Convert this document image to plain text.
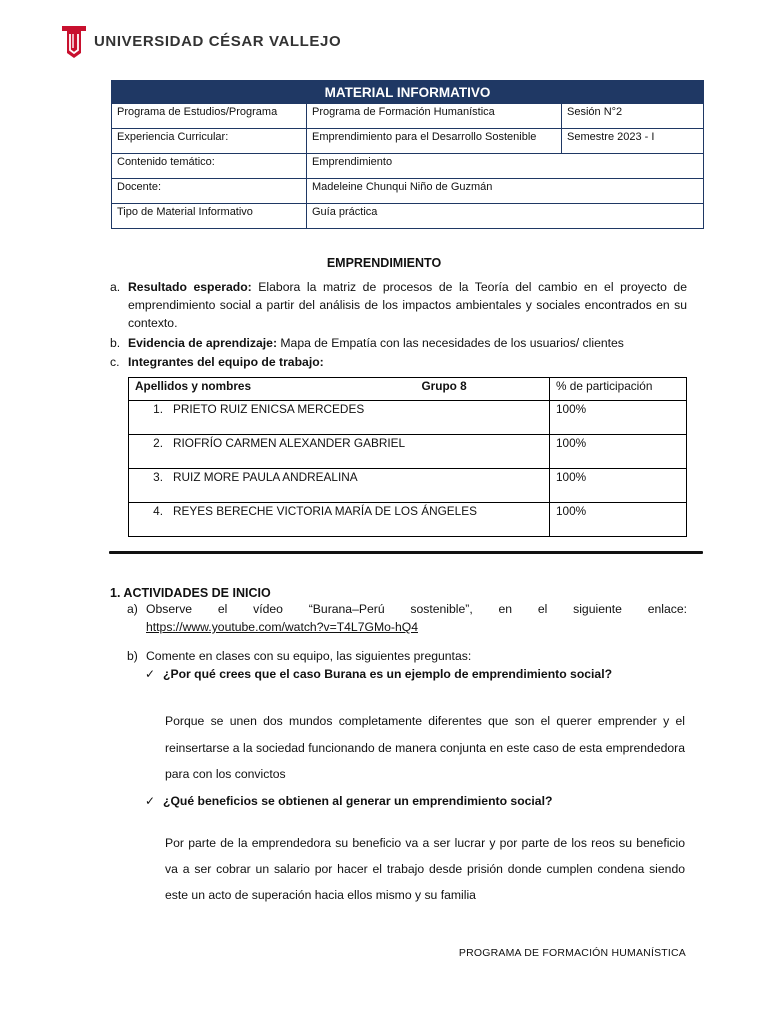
UNIVERSIDAD CÉSAR VALLEJO
MATERIAL INFORMATIVO		
Programa de Estudios/Programa	Programa de Formación Humanística	Sesión N°2
Experiencia Curricular:	Emprendimiento para el Desarrollo Sostenible	Semestre 2023 - I
Contenido temático:	Emprendimiento	
Docente:	Madeleine Chunqui Niño de Guzmán	
Tipo de Material Informativo	Guía práctica	
EMPRENDIMIENTO
a. Resultado esperado: Elabora la matriz de procesos de la Teoría del cambio en el proyecto de emprendimiento social a partir del análisis de los impactos ambientales y sociales encontrados en su contexto.
b. Evidencia de aprendizaje: Mapa de Empatía con las necesidades de los usuarios/ clientes
c. Integrantes del equipo de trabajo:
Apellidos y nombres Grupo 8	% de participación
1. PRIETO RUIZ ENICSA MERCEDES	100%
2. RIOFRÍO CARMEN ALEXANDER GABRIEL	100%
3. RUIZ MORE PAULA ANDREALINA	100%
4. REYES BERECHE VICTORIA MARÍA DE LOS ÁNGELES	100%
1. ACTIVIDADES DE INICIO
a) Observe el vídeo “Burana–Perú sostenible”, en el siguiente enlace:
https://www.youtube.com/watch?v=T4L7GMo-hQ4
b) Comente en clases con su equipo, las siguientes preguntas:
✓ ¿Por qué crees que el caso Burana es un ejemplo de emprendimiento social?
Porque se unen dos mundos completamente diferentes que son el querer emprender y el reinsertarse a la sociedad funcionando de manera conjunta en este caso de esta emprendedora para con los convictos
✓ ¿Qué beneficios se obtienen al generar un emprendimiento social?
Por parte de la emprendedora su beneficio va a ser lucrar y por parte de los reos su beneficio va a ser cobrar un salario por hacer el trabajo desde prisión donde cumplen condena siendo este un acto de superación hacia ellos mismo y su familia
PROGRAMA DE FORMACIÓN HUMANÍSTICA
